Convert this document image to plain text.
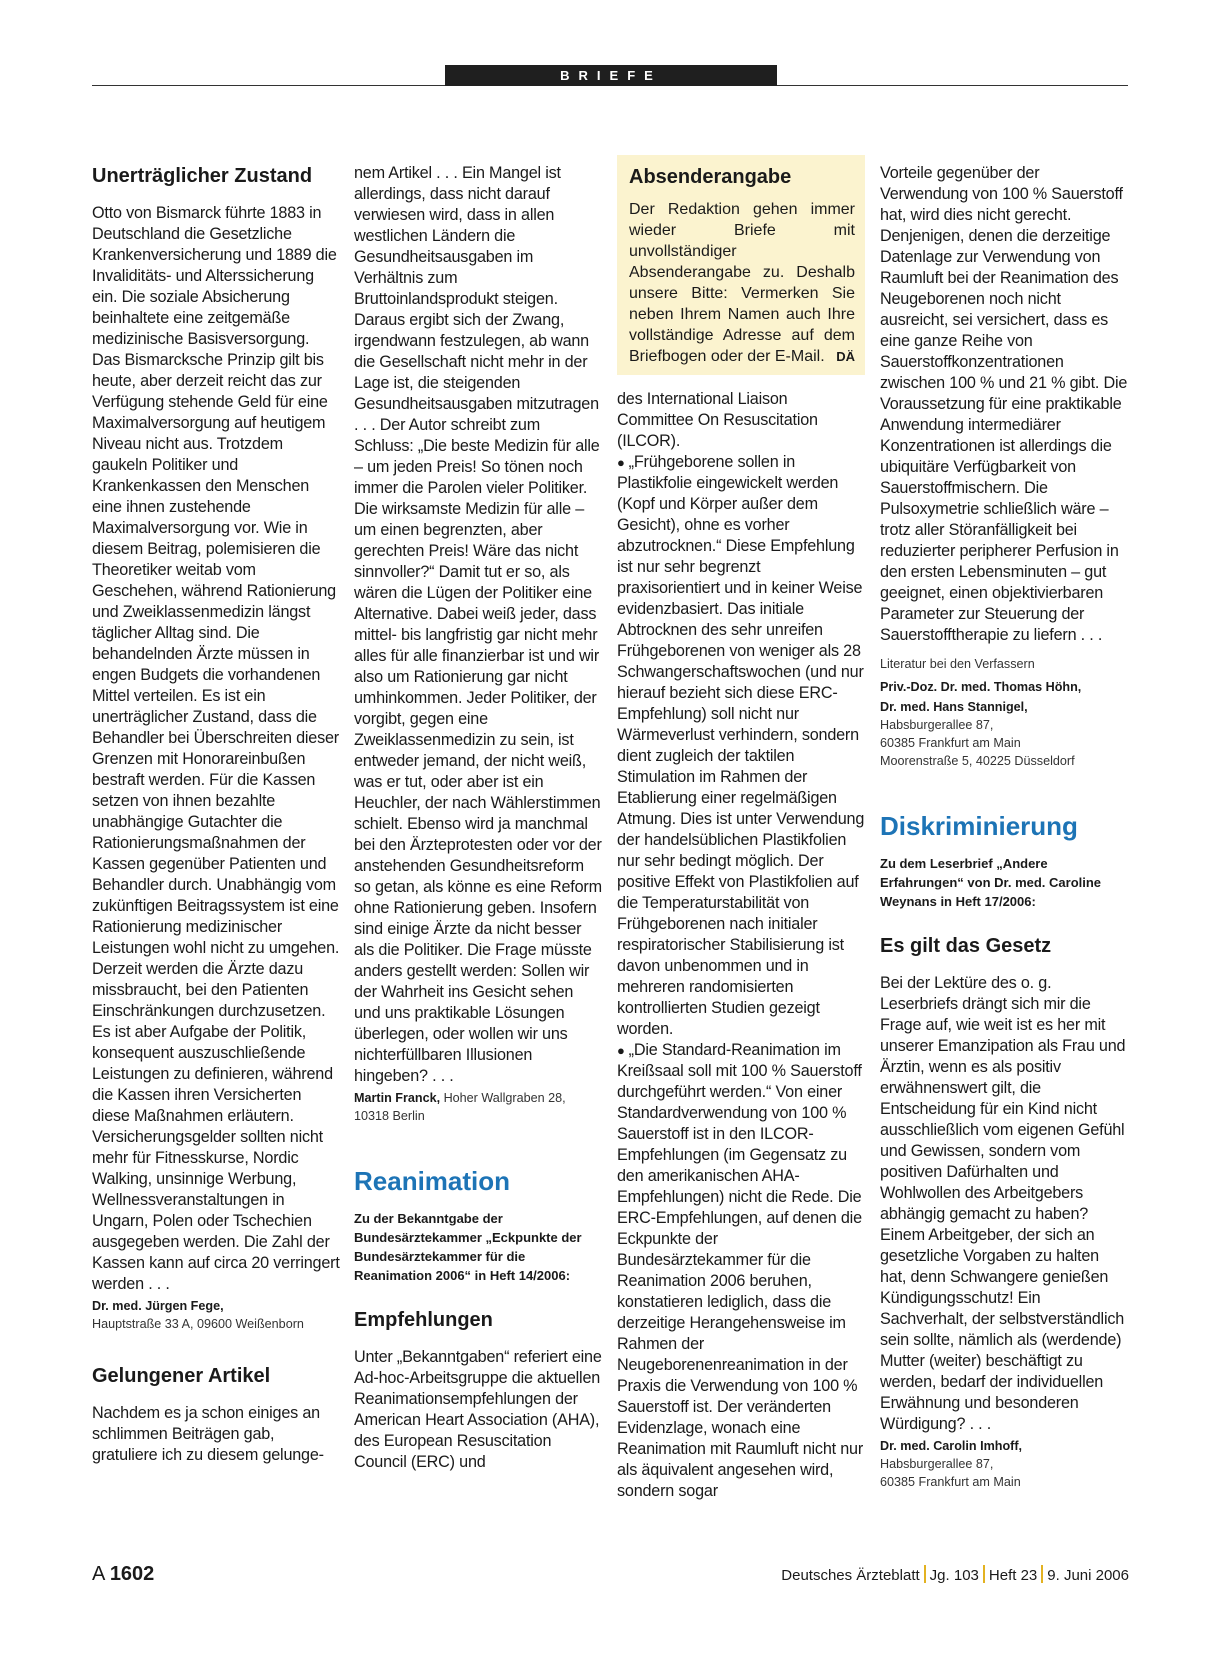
BRIEFE
Unerträglicher Zustand

Otto von Bismarck führte 1883 in Deutschland die Gesetzliche Krankenversicherung und 1889 die Invaliditäts- und Alterssicherung ein. Die soziale Absicherung beinhaltete eine zeitgemäße medizinische Basisversorgung. Das Bismarcksche Prinzip gilt bis heute, aber derzeit reicht das zur Verfügung stehende Geld für eine Maximalversorgung auf heutigem Niveau nicht aus. Trotzdem gaukeln Politiker und Krankenkassen den Menschen eine ihnen zustehende Maximalversorgung vor. Wie in diesem Beitrag, polemisieren die Theoretiker weitab vom Geschehen, während Rationierung und Zweiklassenmedizin längst täglicher Alltag sind. Die behandelnden Ärzte müssen in engen Budgets die vorhandenen Mittel verteilen. Es ist ein unerträglicher Zustand, dass die Behandler bei Überschreiten dieser Grenzen mit Honorareinbußen bestraft werden. Für die Kassen setzen von ihnen bezahlte unabhängige Gutachter die Rationierungsmaßnahmen der Kassen gegenüber Patienten und Behandler durch. Unabhängig vom zukünftigen Beitragssystem ist eine Rationierung medizinischer Leistungen wohl nicht zu umgehen. Derzeit werden die Ärzte dazu missbraucht, bei den Patienten Einschränkungen durchzusetzen. Es ist aber Aufgabe der Politik, konsequent auszuschließende Leistungen zu definieren, während die Kassen ihren Versicherten diese Maßnahmen erläutern. Versicherungsgelder sollten nicht mehr für Fitnesskurse, Nordic Walking, unsinnige Werbung, Wellnessveranstaltungen in Ungarn, Polen oder Tschechien ausgegeben werden. Die Zahl der Kassen kann auf circa 20 verringert werden . . .

Dr. med. Jürgen Fege,
Hauptstraße 33 A, 09600 Weißenborn
Gelungener Artikel

Nachdem es ja schon einiges an schlimmen Beiträgen gab, gratuliere ich zu diesem gelunge-

nem Artikel . . . Ein Mangel ist allerdings, dass nicht darauf verwiesen wird, dass in allen westlichen Ländern die Gesundheitsausgaben im Verhältnis zum Bruttoinlandsprodukt steigen. Daraus ergibt sich der Zwang, irgendwann festzulegen, ab wann die Gesellschaft nicht mehr in der Lage ist, die steigenden Gesundheitsausgaben mitzutragen . . . Der Autor schreibt zum Schluss: „Die beste Medizin für alle – um jeden Preis! So tönen noch immer die Parolen vieler Politiker. Die wirksamste Medizin für alle – um einen begrenzten, aber gerechten Preis! Wäre das nicht sinnvoller?“ Damit tut er so, als wären die Lügen der Politiker eine Alternative. Dabei weiß jeder, dass mittel- bis langfristig gar nicht mehr alles für alle finanzierbar ist und wir also um Rationierung gar nicht umhinkommen. Jeder Politiker, der vorgibt, gegen eine Zweiklassenmedizin zu sein, ist entweder jemand, der nicht weiß, was er tut, oder aber ist ein Heuchler, der nach Wählerstimmen schielt. Ebenso wird ja manchmal bei den Ärzteprotesten oder vor der anstehenden Gesundheitsreform so getan, als könne es eine Reform ohne Rationierung geben. Insofern sind einige Ärzte da nicht besser als die Politiker. Die Frage müsste anders gestellt werden: Sollen wir der Wahrheit ins Gesicht sehen und uns praktikable Lösungen überlegen, oder wollen wir uns nichterfüllbaren Illusionen hingeben? . . .

Martin Franck, Hoher Wallgraben 28, 10318 Berlin
Reanimation
Zu der Bekanntgabe der Bundesärztekammer „Eckpunkte der Bundesärztekammer für die Reanimation 2006“ in Heft 14/2006:
Empfehlungen

Unter „Bekanntgaben“ referiert eine Ad-hoc-Arbeitsgruppe die aktuellen Reanimationsempfehlungen der American Heart Association (AHA), des European Resuscitation Council (ERC) und

Absenderangabe
Der Redaktion gehen immer wieder Briefe mit unvollständiger Absenderangabe zu. Deshalb unsere Bitte: Vermerken Sie neben Ihrem Namen auch Ihre vollständige Adresse auf dem Briefbogen oder der E-Mail. DÄ

des International Liaison Committee On Resuscitation (ILCOR).

● „Frühgeborene sollen in Plastikfolie eingewickelt werden (Kopf und Körper außer dem Gesicht), ohne es vorher abzutrocknen.“ Diese Empfehlung ist nur sehr begrenzt praxisorientiert und in keiner Weise evidenzbasiert. Das initiale Abtrocknen des sehr unreifen Frühgeborenen von weniger als 28 Schwangerschaftswochen (und nur hierauf bezieht sich diese ERC-Empfehlung) soll nicht nur Wärmeverlust verhindern, sondern dient zugleich der taktilen Stimulation im Rahmen der Etablierung einer regelmäßigen Atmung. Dies ist unter Verwendung der handelsüblichen Plastikfolien nur sehr bedingt möglich. Der positive Effekt von Plastikfolien auf die Temperaturstabilität von Frühgeborenen nach initialer respiratorischer Stabilisierung ist davon unbenommen und in mehreren randomisierten kontrollierten Studien gezeigt worden.

● „Die Standard-Reanimation im Kreißsaal soll mit 100 % Sauerstoff durchgeführt werden.“ Von einer Standardverwendung von 100 % Sauerstoff ist in den ILCOR-Empfehlungen (im Gegensatz zu den amerikanischen AHA-Empfehlungen) nicht die Rede. Die ERC-Empfehlungen, auf denen die Eckpunkte der Bundesärztekammer für die Reanimation 2006 beruhen, konstatieren lediglich, dass die derzeitige Herangehensweise im Rahmen der Neugeborenenreanimation in der Praxis die Verwendung von 100 % Sauerstoff ist. Der veränderten Evidenzlage, wonach eine Reanimation mit Raumluft nicht nur als äquivalent angesehen wird, sondern sogar

Vorteile gegenüber der Verwendung von 100 % Sauerstoff hat, wird dies nicht gerecht. Denjenigen, denen die derzeitige Datenlage zur Verwendung von Raumluft bei der Reanimation des Neugeborenen noch nicht ausreicht, sei versichert, dass es eine ganze Reihe von Sauerstoffkonzentrationen zwischen 100 % und 21 % gibt. Die Voraussetzung für eine praktikable Anwendung intermediärer Konzentrationen ist allerdings die ubiquitäre Verfügbarkeit von Sauerstoffmischern. Die Pulsoxymetrie schließlich wäre – trotz aller Störanfälligkeit bei reduzierter peripherer Perfusion in den ersten Lebensminuten – gut geeignet, einen objektivierbaren Parameter zur Steuerung der Sauerstofftherapie zu liefern . . .

Literatur bei den Verfassern
Priv.-Doz. Dr. med. Thomas Höhn,
Dr. med. Hans Stannigel,
Habsburgerallee 87,
60385 Frankfurt am Main
Moorenstraße 5, 40225 Düsseldorf
Diskriminierung
Zu dem Leserbrief „Andere Erfahrungen“ von Dr. med. Caroline Weynans in Heft 17/2006:
Es gilt das Gesetz

Bei der Lektüre des o. g. Leserbriefs drängt sich mir die Frage auf, wie weit ist es her mit unserer Emanzipation als Frau und Ärztin, wenn es als positiv erwähnenswert gilt, die Entscheidung für ein Kind nicht ausschließlich vom eigenen Gefühl und Gewissen, sondern vom positiven Dafürhalten und Wohlwollen des Arbeitgebers abhängig gemacht zu haben? Einem Arbeitgeber, der sich an gesetzliche Vorgaben zu halten hat, denn Schwangere genießen Kündigungsschutz! Ein Sachverhalt, der selbstverständlich sein sollte, nämlich als (werdende) Mutter (weiter) beschäftigt zu werden, bedarf der individuellen Erwähnung und besonderen Würdigung? . . .

Dr. med. Carolin Imhoff,
Habsburgerallee 87,
60385 Frankfurt am Main
A 1602	Deutsches Ärzteblatt Jg. 103 Heft 23 9. Juni 2006
